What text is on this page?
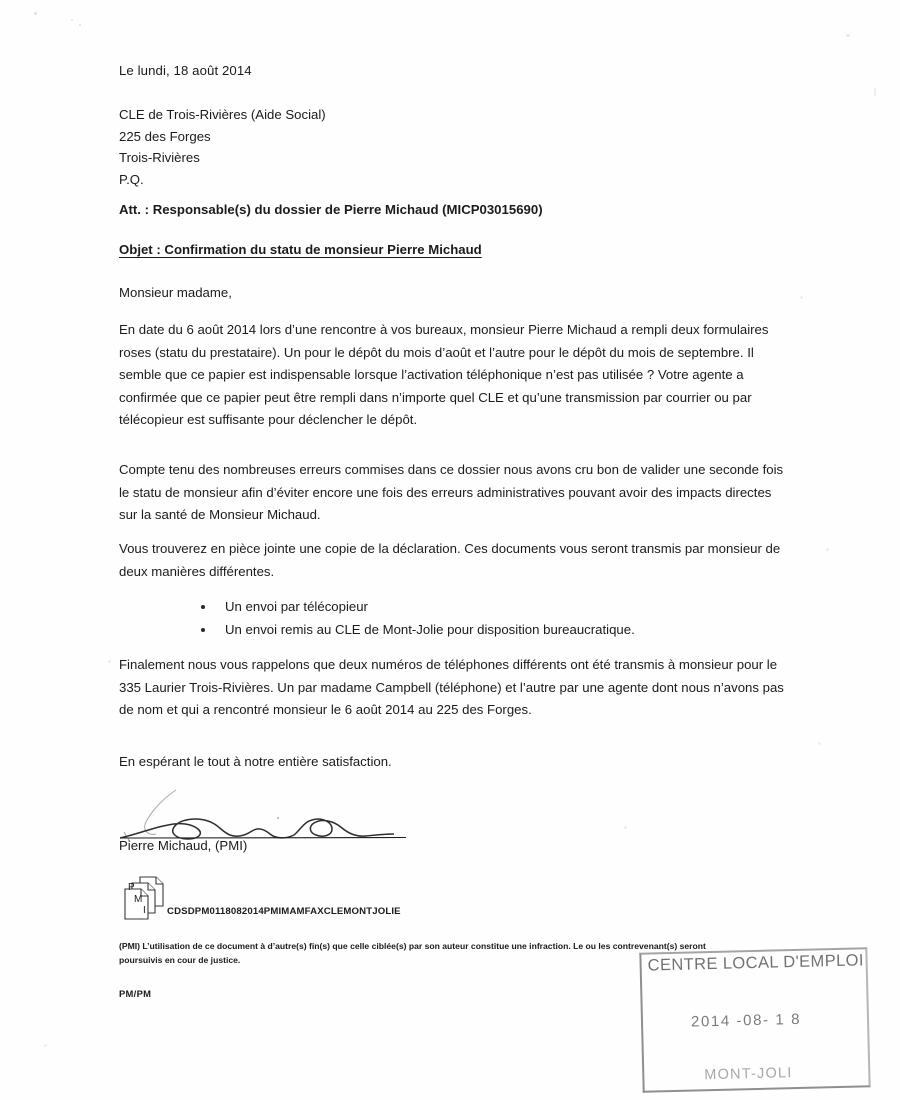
Le lundi, 18 août 2014
CLE de Trois-Rivières (Aide Social)
225 des Forges
Trois-Rivières
P.Q.
Att. : Responsable(s) du dossier de Pierre Michaud (MICP03015690)
Objet : Confirmation du statu de monsieur Pierre Michaud
Monsieur madame,

En date du 6 août 2014 lors d’une rencontre à vos bureaux, monsieur Pierre Michaud a rempli deux formulaires roses (statu du prestataire). Un pour le dépôt du mois d’août et l’autre pour le dépôt du mois de septembre. Il semble que ce papier est indispensable lorsque l’activation téléphonique n’est pas utilisée ? Votre agente a confirmée que ce papier peut être rempli dans n’importe quel CLE et qu’une transmission par courrier ou par télécopieur est suffisante pour déclencher le dépôt.

Compte tenu des nombreuses erreurs commises dans ce dossier nous avons cru bon de valider une seconde fois le statu de monsieur afin d’éviter encore une fois des erreurs administratives pouvant avoir des impacts directes sur la santé de Monsieur Michaud.

Vous trouverez en pièce jointe une copie de la déclaration. Ces documents vous seront transmis par monsieur de deux manières différentes.

Un envoi par télécopieur
Un envoi remis au CLE de Mont-Jolie pour disposition bureaucratique.

Finalement nous vous rappelons que deux numéros de téléphones différents ont été transmis à monsieur pour le 335 Laurier Trois-Rivières. Un par madame Campbell (téléphone) et l’autre par une agente dont nous n’avons pas de nom et qui a rencontré monsieur le 6 août 2014 au 225 des Forges.

En espérant le tout à notre entière satisfaction.
Pierre Michaud, (PMI)
P
M
I CDSDPM0118082014PMIMAMFAXCLEMONTJOLIE
(PMI) L’utilisation de ce document à d’autre(s) fin(s) que celle ciblée(s) par son auteur constitue une infraction. Le ou les contrevenant(s) seront poursuivis en cour de justice.
PM/PM
CENTRE LOCAL D'EMPLOI
2014 -08- 1 8
MONT-JOLI
